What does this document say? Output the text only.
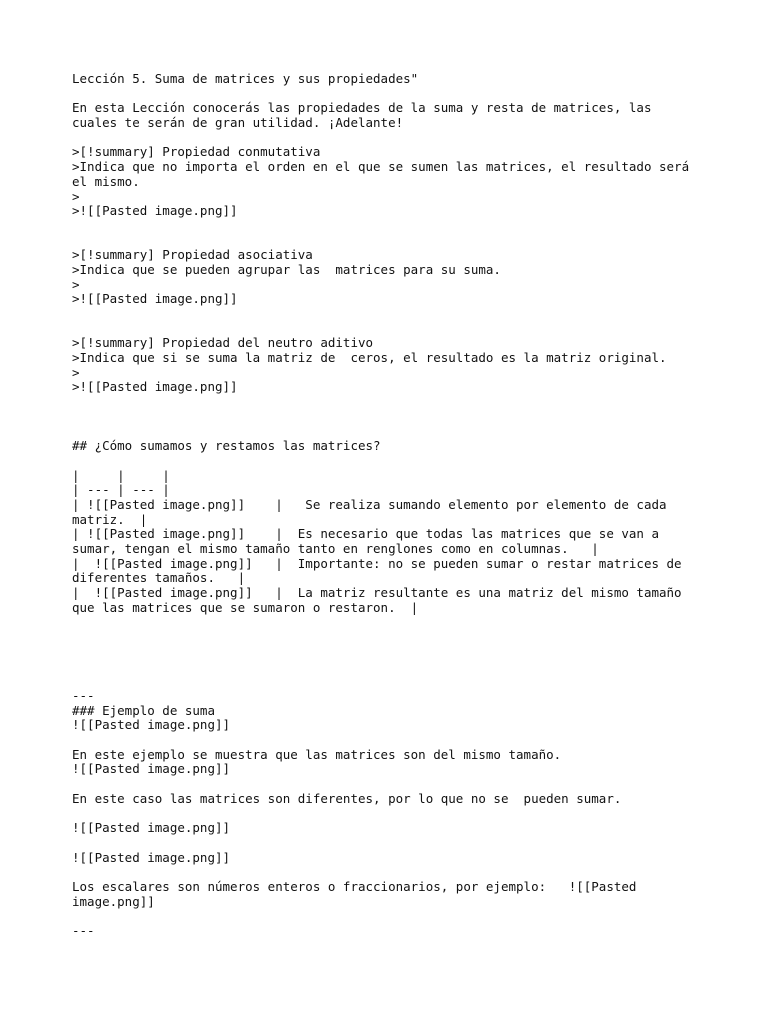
Lección 5. Suma de matrices y sus propiedades"
En esta Lección conocerás las propiedades de la suma y resta de matrices, las
cuales te serán de gran utilidad. ¡Adelante!
>[!summary] Propiedad conmutativa
>Indica que no importa el orden en el que se sumen las matrices, el resultado será
el mismo.
>
>![[Pasted image.png]]
>[!summary] Propiedad asociativa
>Indica que se pueden agrupar las  matrices para su suma.
>
>![[Pasted image.png]]
>[!summary] Propiedad del neutro aditivo
>Indica que si se suma la matriz de  ceros, el resultado es la matriz original.
>
>![[Pasted image.png]]
## ¿Cómo sumamos y restamos las matrices?
|     |     |
| --- | --- |
| ![[Pasted image.png]]    |   Se realiza sumando elemento por elemento de cada
matriz.  |
| ![[Pasted image.png]]    |  Es necesario que todas las matrices que se van a
sumar, tengan el mismo tamaño tanto en renglones como en columnas.   |
|  ![[Pasted image.png]]   |  Importante: no se pueden sumar o restar matrices de
diferentes tamaños.   |
|  ![[Pasted image.png]]   |  La matriz resultante es una matriz del mismo tamaño
que las matrices que se sumaron o restaron.  |
---
### Ejemplo de suma
![[Pasted image.png]]
En este ejemplo se muestra que las matrices son del mismo tamaño.
![[Pasted image.png]]
En este caso las matrices son diferentes, por lo que no se  pueden sumar.
![[Pasted image.png]]
![[Pasted image.png]]
Los escalares son números enteros o fraccionarios, por ejemplo:   ![[Pasted
image.png]]
---
